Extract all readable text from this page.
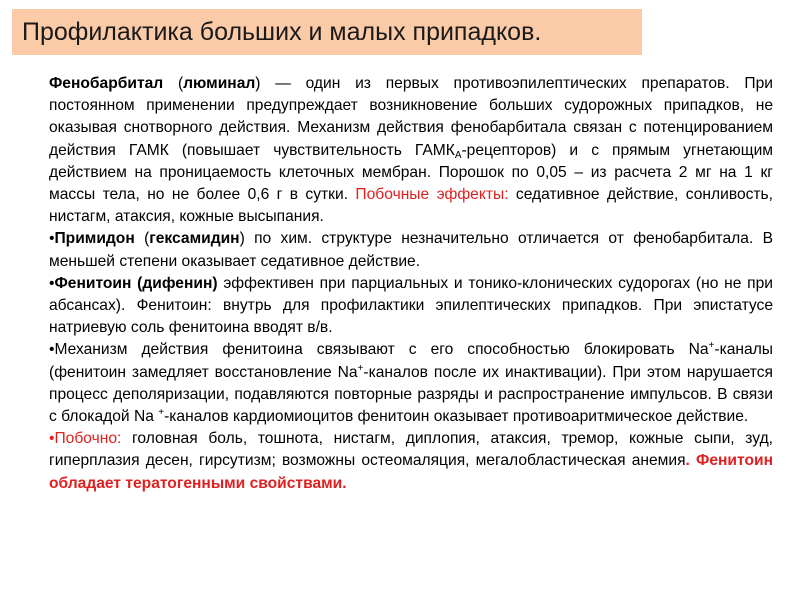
Профилактика больших и малых припадков.

Фенобарбитал (люминал) — один из первых противоэпилептических препаратов. При постоянном применении предупреждает возникновение больших судорожных припадков, не оказывая снотворного действия. Механизм действия фенобарбитала связан с потенцированием действия ГАМК (повышает чувствительность $ГАМК_А-рецепторов$) и с прямым угнетающим действием на проницаемость клеточных мембран. Порошок по 0,05 – из расчета 2 мг на 1 кг массы тела, но не более 0,6 г в сутки. Побочные эффекты: седативное действие, сонливость, нистагм, атаксия, кожные высыпания.

•Примидон (гексамидин) по хим. структуре незначительно отличается от фенобарбитала. В меньшей степени оказывает седативное действие.

•Фенитоин (дифенин) эффективен при парциальных и тонико-клонических судорогах (но не при абсансах). Фенитоин: внутрь для профилактики эпилептических припадков. При эпистатусе натриевую соль фенитоина вводят в/в.

•Механизм действия фенитоина связывают с его способностью блокировать Na+-каналы (фенитоин замедляет восстановление Na+-каналов после их инактивации). При этом нарушается процесс деполяризации, подавляются повторные разряды и распространение импульсов. В связи с блокадой Na +-каналов кардиомиоцитов фенитоин оказывает противоаритмическое действие.

•Побочно: головная боль, тошнота, нистагм, диплопия, атаксия, тремор, кожные сыпи, зуд, гиперплазия десен, гирсутизм; возможны остеомаляция, мегалобластическая анемия. Фенитоин обладает тератогенными свойствами.
